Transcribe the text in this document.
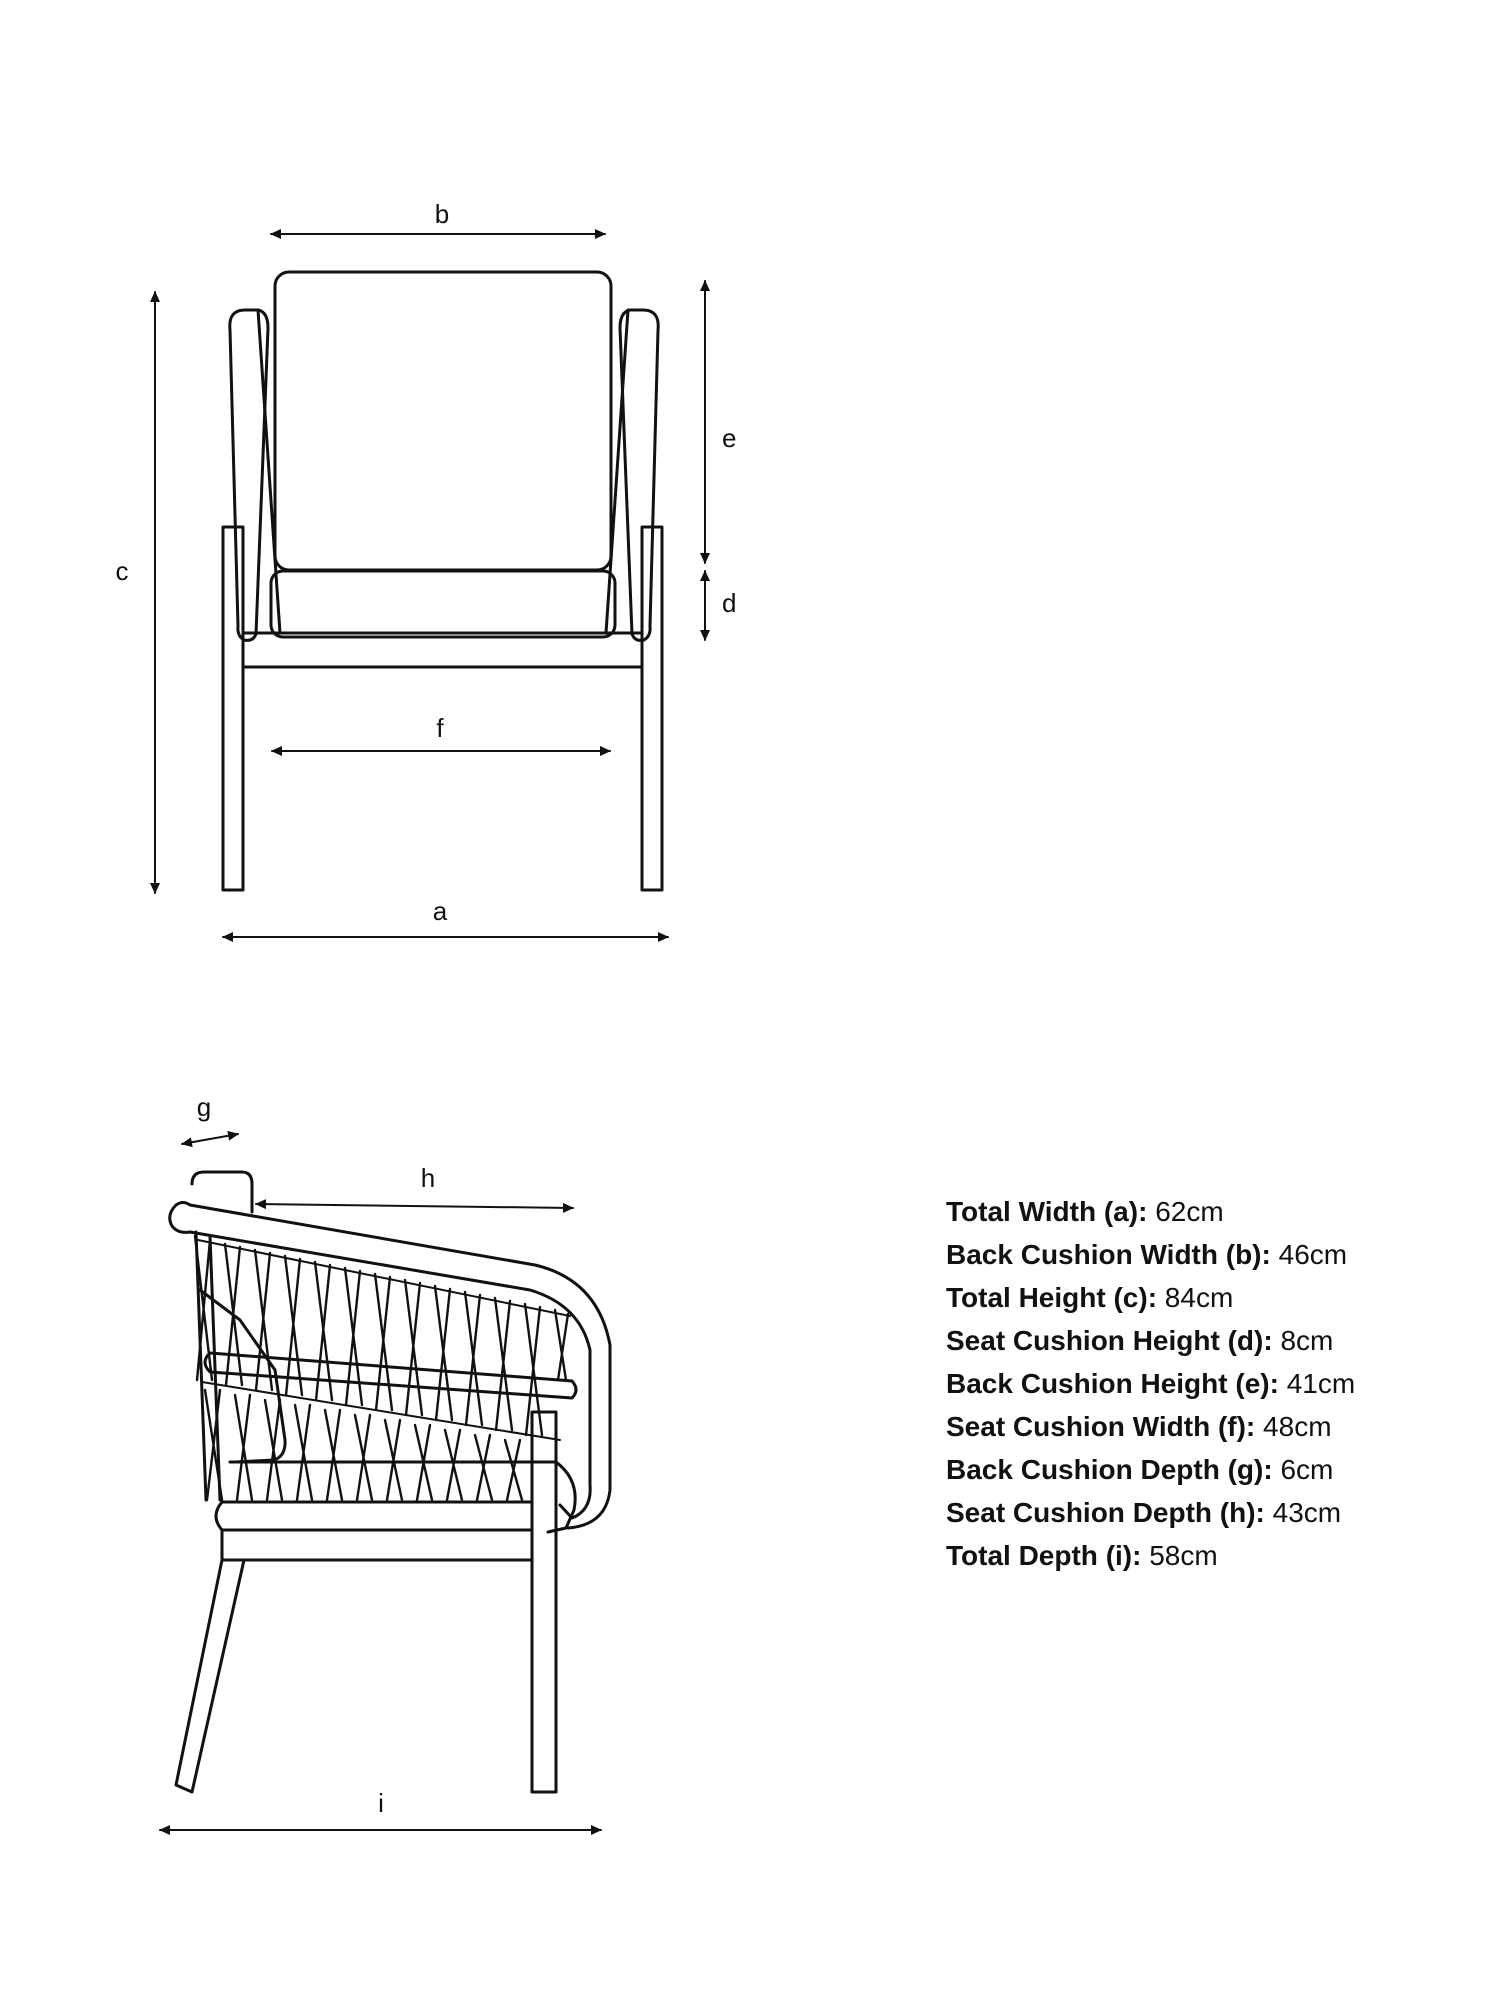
b
c
e
d
f
a
g
h
i
Total Width (a): 62cm
Back Cushion Width (b): 46cm
Total Height (c): 84cm
Seat Cushion Height (d): 8cm
Back Cushion Height (e): 41cm
Seat Cushion Width (f): 48cm
Back Cushion Depth (g): 6cm
Seat Cushion Depth (h): 43cm
Total Depth (i): 58cm
